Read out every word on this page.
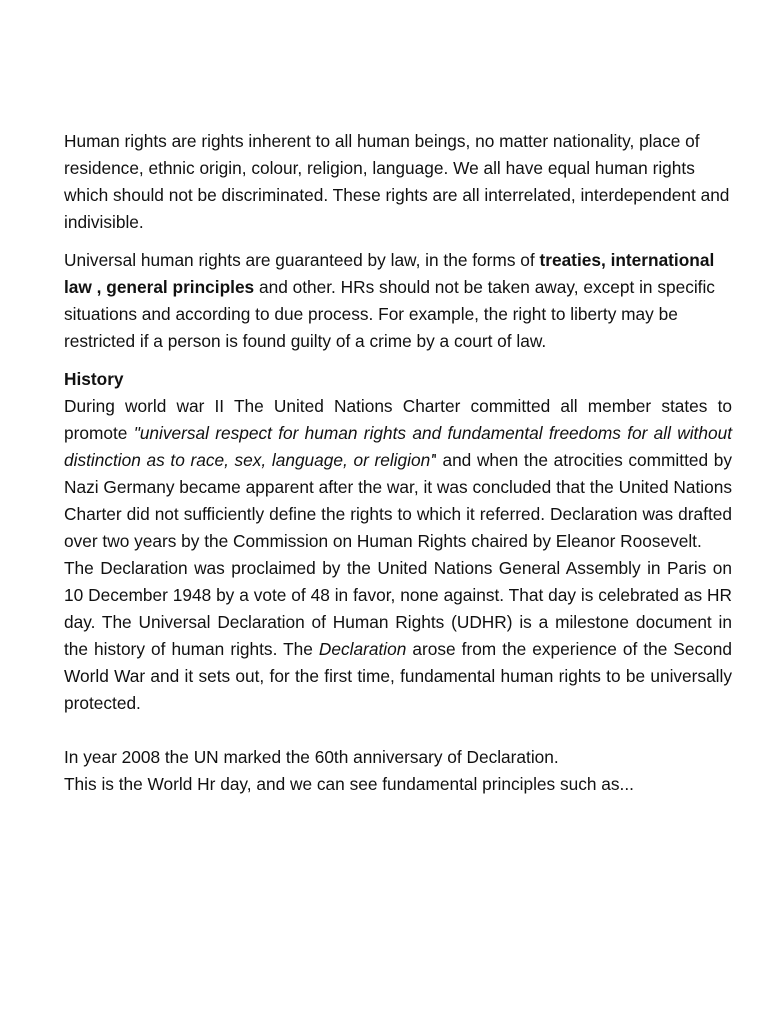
Human rights are rights inherent to all human beings, no matter nationality, place of residence, ethnic origin, colour, religion, language. We all have equal human rights which should not be discriminated. These rights are all interrelated, interdependent and indivisible.

Universal human rights are guaranteed by law, in the forms of treaties, international law , general principles and other. HRs should not be taken away, except in specific situations and according to due process. For example, the right to liberty may be restricted if a person is found guilty of a crime by a court of law.

History

During world war II The United Nations Charter committed all member states to promote "universal respect for human rights and fundamental freedoms for all without distinction as to race, sex, language, or religion'' and when the atrocities committed by Nazi Germany became apparent after the war, it was concluded that the United Nations Charter did not sufficiently define the rights to which it referred. Declaration was drafted over two years by the Commission on Human Rights chaired by Eleanor Roosevelt.

The Declaration was proclaimed by the United Nations General Assembly in Paris on 10 December 1948 by a vote of 48 in favor, none against. That day is celebrated as HR day. The Universal Declaration of Human Rights (UDHR) is a milestone document in the history of human rights. The Declaration arose from the experience of the Second World War and it sets out, for the first time, fundamental human rights to be universally protected.

In year 2008 the UN marked the 60th anniversary of Declaration.

This is the World Hr day, and we can see fundamental principles such as...
